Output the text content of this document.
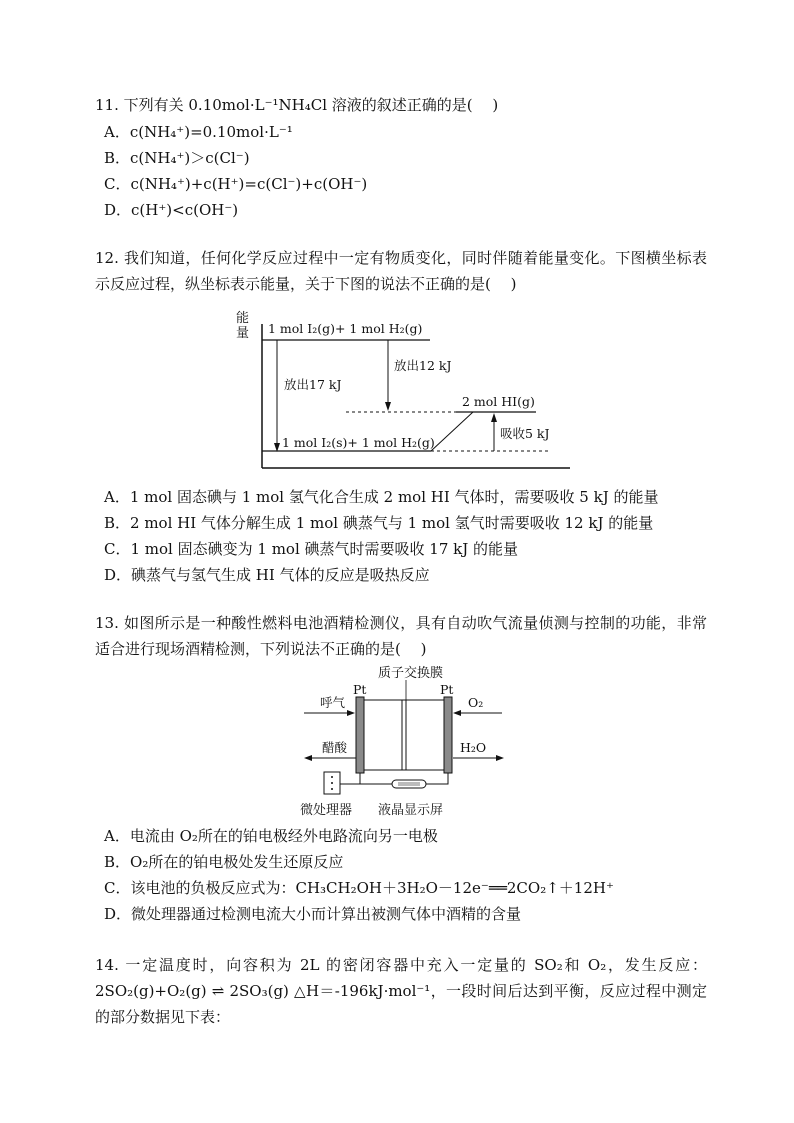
11. 下列有关 0.10mol·L⁻¹NH₄Cl 溶液的叙述正确的是(　 )
A．c(NH₄⁺)=0.10mol·L⁻¹
B．c(NH₄⁺)＞c(Cl⁻)
C．c(NH₄⁺)+c(H⁺)=c(Cl⁻)+c(OH⁻)
D．c(H⁺)<c(OH⁻)
12. 我们知道，任何化学反应过程中一定有物质变化，同时伴随着能量变化。下图横坐标表示反应过程，纵坐标表示能量，关于下图的说法不正确的是(　 )
能
量 1 mol I₂(g)+ 1 mol H₂(g)
放出17 kJ
放出12 kJ
2 mol HI(g)
1 mol I₂(s)+ 1 mol H₂(g)
吸收5 kJ
A．1 mol 固态碘与 1 mol 氢气化合生成 2 mol HI 气体时，需要吸收 5 kJ 的能量
B．2 mol HI 气体分解生成 1 mol 碘蒸气与 1 mol 氢气时需要吸收 12 kJ 的能量
C．1 mol 固态碘变为 1 mol 碘蒸气时需要吸收 17 kJ 的能量
D．碘蒸气与氢气生成 HI 气体的反应是吸热反应
13. 如图所示是一种酸性燃料电池酒精检测仪，具有自动吹气流量侦测与控制的功能，非常适合进行现场酒精检测，下列说法不正确的是(　 )
质子交换膜
Pt	Pt
呼气
醋酸
O₂
H₂O
微处理器 液晶显示屏
A．电流由 O₂所在的铂电极经外电路流向另一电极
B．O₂所在的铂电极处发生还原反应
C．该电池的负极反应式为：CH₃CH₂OH＋3H₂O－12e⁻══2CO₂↑＋12H⁺
D．微处理器通过检测电流大小而计算出被测气体中酒精的含量
14. 一定温度时，向容积为 2L 的密闭容器中充入一定量的 SO₂和 O₂，发生反应：2SO₂(g)+O₂(g) ⇌ 2SO₃(g) △H＝-196kJ·mol⁻¹，一段时间后达到平衡，反应过程中测定的部分数据见下表：
